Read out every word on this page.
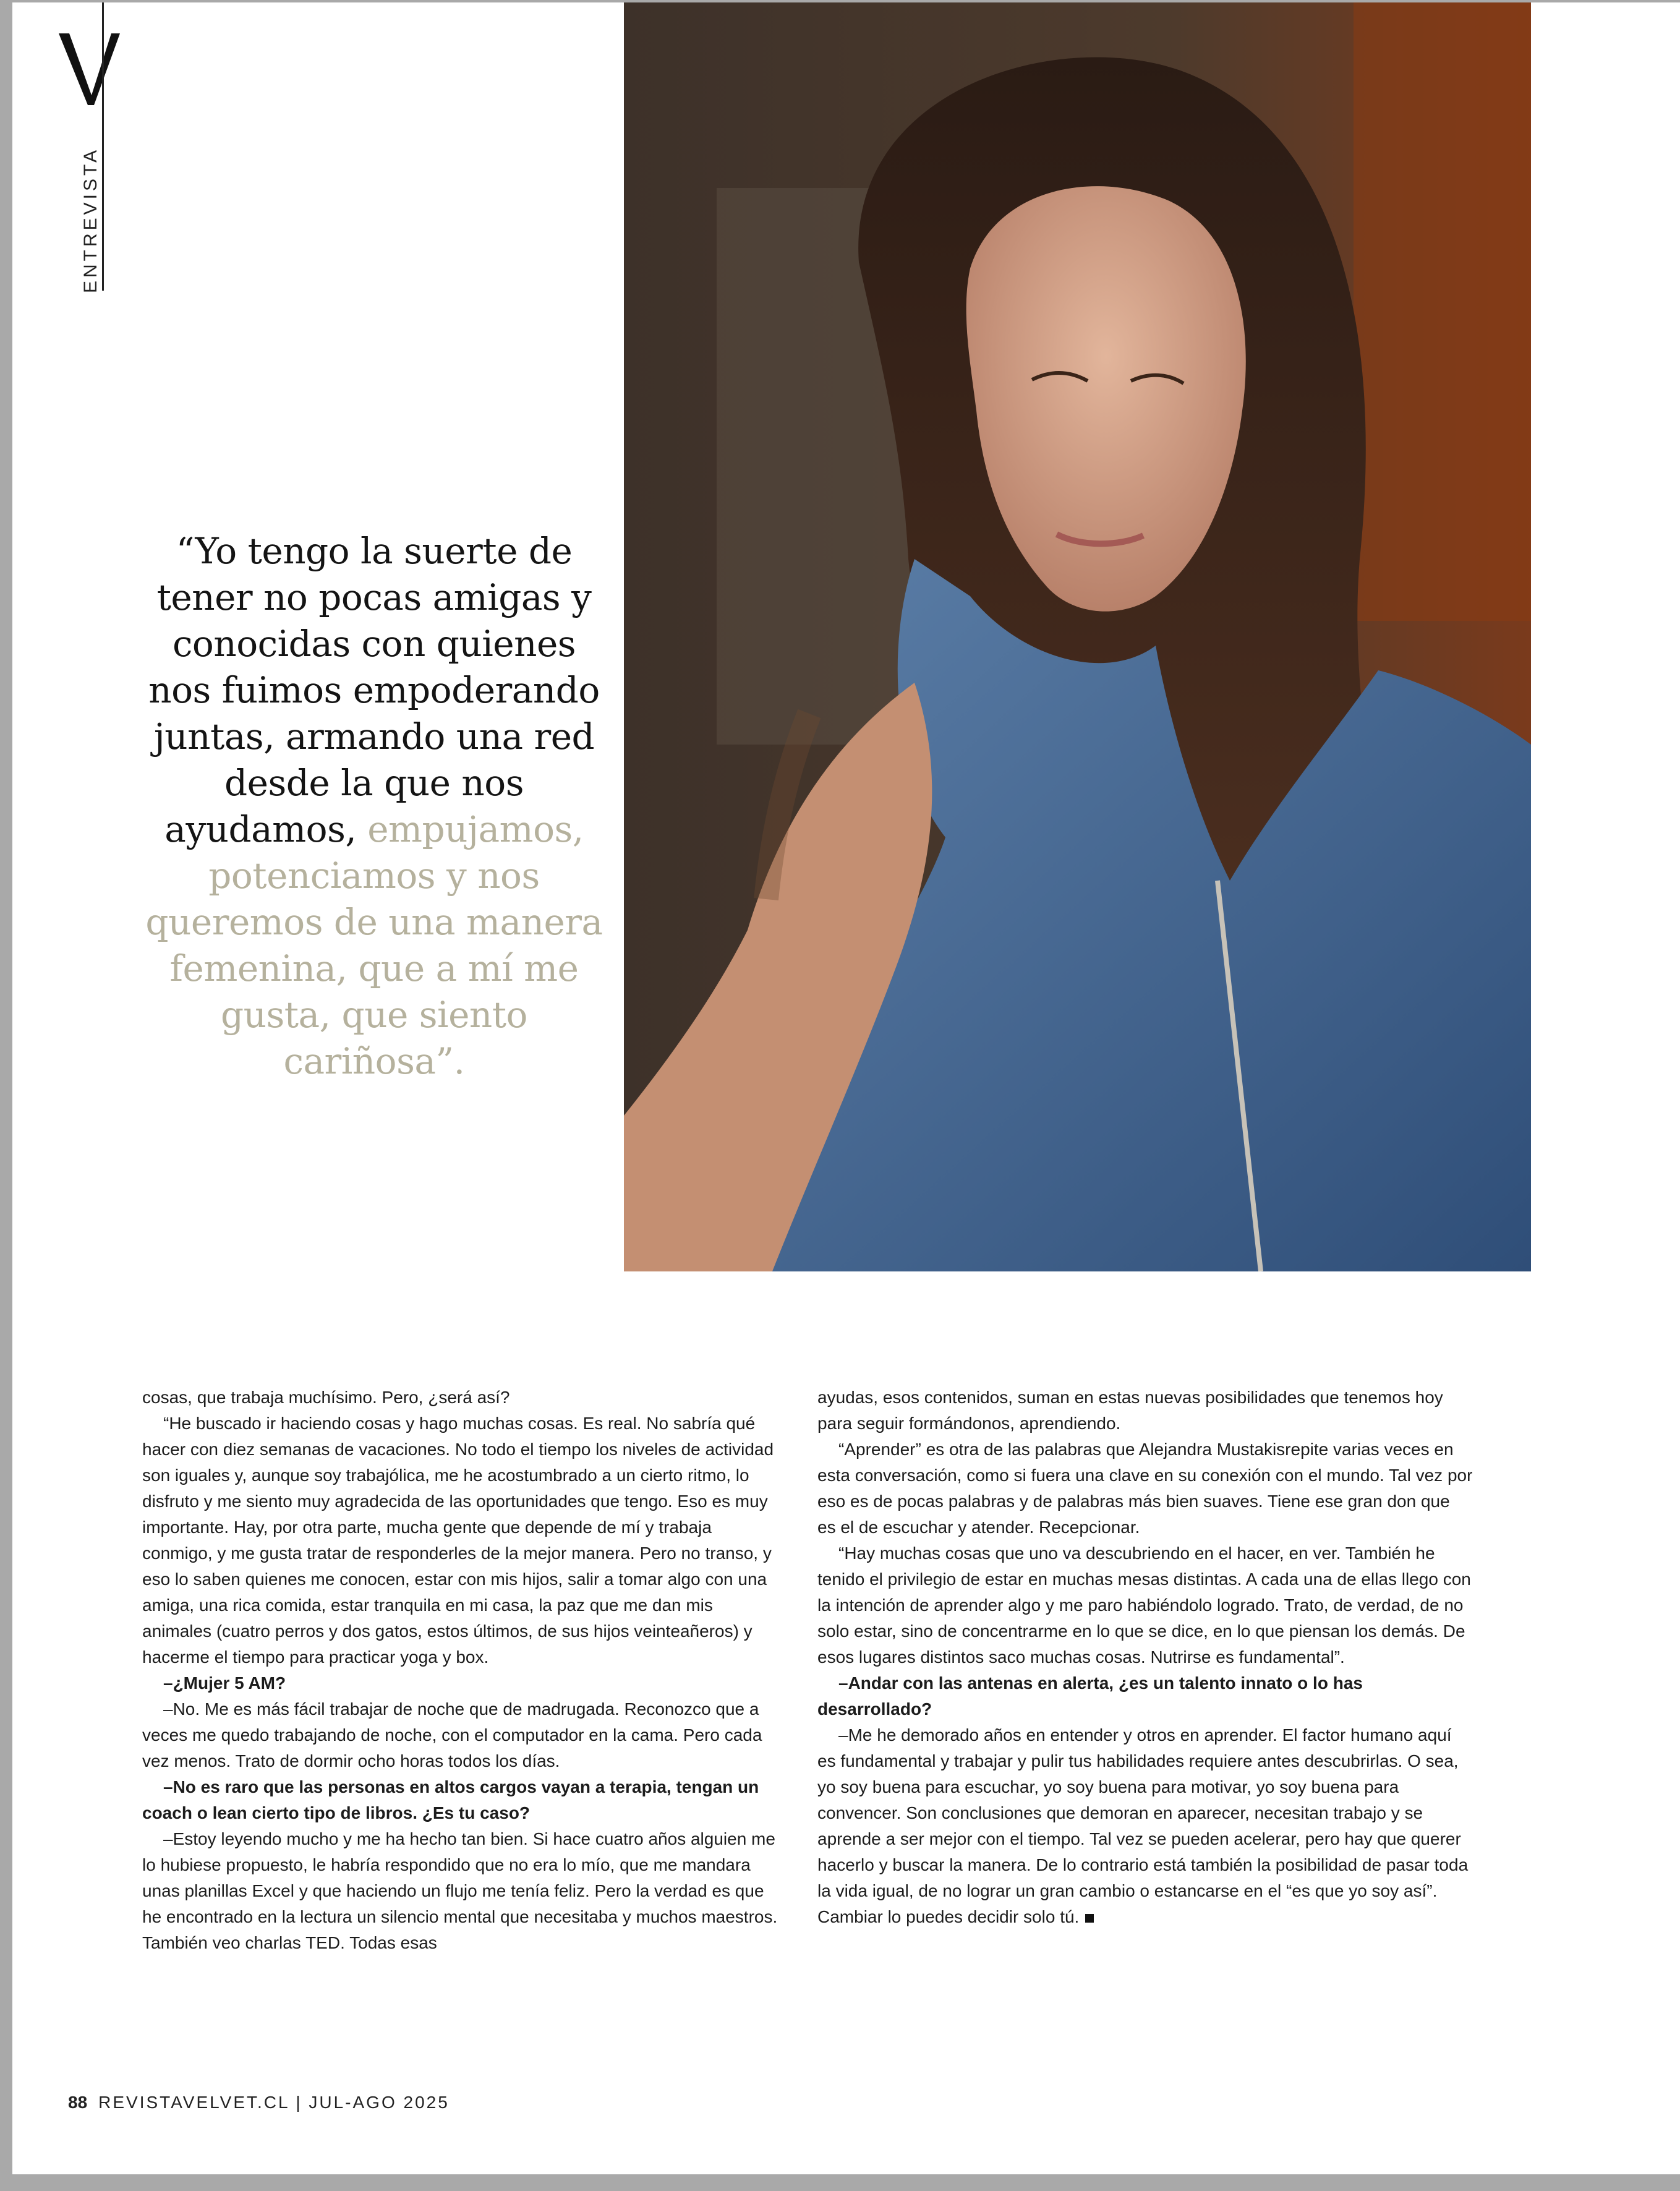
ENTREVISTA
“Yo tengo la suerte de tener no pocas amigas y conocidas con quienes nos fuimos empoderando juntas, armando una red desde la que nos ayudamos, empujamos, potenciamos y nos queremos de una manera femenina, que a mí me gusta, que siento cariñosa”.

cosas, que trabaja muchísimo. Pero, ¿será así?

“He buscado ir haciendo cosas y hago muchas cosas. Es real. No sabría qué hacer con diez semanas de vacaciones. No todo el tiempo los niveles de actividad son iguales y, aunque soy trabajólica, me he acostumbrado a un cierto ritmo, lo disfruto y me siento muy agradecida de las oportunidades que tengo. Eso es muy importante. Hay, por otra parte, mucha gente que depende de mí y trabaja conmigo, y me gusta tratar de responderles de la mejor manera. Pero no transo, y eso lo saben quienes me conocen, estar con mis hijos, salir a tomar algo con una amiga, una rica comida, estar tranquila en mi casa, la paz que me dan mis animales (cuatro perros y dos gatos, estos últimos, de sus hijos veinteañeros) y hacerme el tiempo para practicar yoga y box.

–¿Mujer 5 AM?

–No. Me es más fácil trabajar de noche que de madrugada. Reconozco que a veces me quedo trabajando de noche, con el computador en la cama. Pero cada vez menos. Trato de dormir ocho horas todos los días.

–No es raro que las personas en altos cargos vayan a terapia, tengan un coach o lean cierto tipo de libros. ¿Es tu caso?

–Estoy leyendo mucho y me ha hecho tan bien. Si hace cuatro años alguien me lo hubiese propuesto, le habría respondido que no era lo mío, que me mandara unas planillas Excel y que haciendo un flujo me tenía feliz. Pero la verdad es que he encontrado en la lectura un silencio mental que necesitaba y muchos maestros. También veo charlas TED. Todas esas

ayudas, esos contenidos, suman en estas nuevas posibilidades que tenemos hoy para seguir formándonos, aprendiendo.

“Aprender” es otra de las palabras que Alejandra Mustakisrepite varias veces en esta conversación, como si fuera una clave en su conexión con el mundo. Tal vez por eso es de pocas palabras y de palabras más bien suaves. Tiene ese gran don que es el de escuchar y atender. Recepcionar.

“Hay muchas cosas que uno va descubriendo en el hacer, en ver. También he tenido el privilegio de estar en muchas mesas distintas. A cada una de ellas llego con la intención de aprender algo y me paro habiéndolo logrado. Trato, de verdad, de no solo estar, sino de concentrarme en lo que se dice, en lo que piensan los demás. De esos lugares distintos saco muchas cosas. Nutrirse es fundamental”.

–Andar con las antenas en alerta, ¿es un talento innato o lo has desarrollado?

–Me he demorado años en entender y otros en aprender. El factor humano aquí es fundamental y trabajar y pulir tus habilidades requiere antes descubrirlas. O sea, yo soy buena para escuchar, yo soy buena para motivar, yo soy buena para convencer. Son conclusiones que demoran en aparecer, necesitan trabajo y se aprende a ser mejor con el tiempo. Tal vez se pueden acelerar, pero hay que querer hacerlo y buscar la manera. De lo contrario está también la posibilidad de pasar toda la vida igual, de no lograr un gran cambio o estancarse en el “es que yo soy así”. Cambiar lo puedes decidir solo tú.

88 REVISTAVELVET.CL | JUL-AGO 2025
